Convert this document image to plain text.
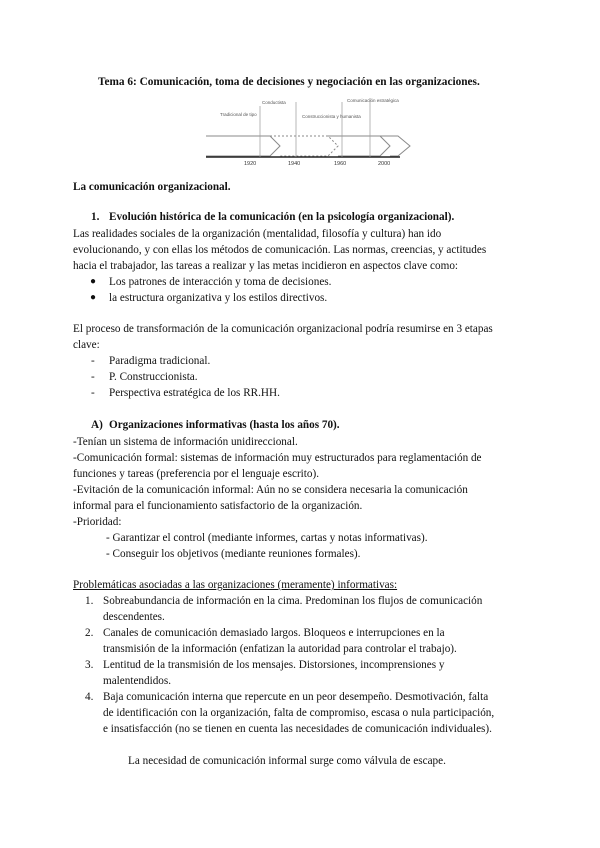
Tema 6: Comunicación, toma de decisiones y negociación en las organizaciones.
Tradicional de tipo
Conductista
Construccionista y humanista
Comunicación estratégica
1920	1940	1960	2000
La comunicación organizacional.
1. Evolución histórica de la comunicación (en la psicología organizacional).
Las realidades sociales de la organización (mentalidad, filosofía y cultura) han ido
evolucionando, y con ellas los métodos de comunicación. Las normas, creencias, y actitudes
hacia el trabajador, las tareas a realizar y las metas incidieron en aspectos clave como:
● Los patrones de interacción y toma de decisiones.
● la estructura organizativa y los estilos directivos.
El proceso de transformación de la comunicación organizacional podría resumirse en 3 etapas
clave:
- Paradigma tradicional.
- P. Construccionista.
- Perspectiva estratégica de los RR.HH.
A) Organizaciones informativas (hasta los años 70).
-Tenían un sistema de información unidireccional.
-Comunicación formal: sistemas de información muy estructurados para reglamentación de
funciones y tareas (preferencia por el lenguaje escrito).
-Evitación de la comunicación informal: Aún no se considera necesaria la comunicación
informal para el funcionamiento satisfactorio de la organización.
-Prioridad:
- Garantizar el control (mediante informes, cartas y notas informativas).
- Conseguir los objetivos (mediante reuniones formales).
Problemáticas asociadas a las organizaciones (meramente) informativas:
1. Sobreabundancia de información en la cima. Predominan los flujos de comunicación
descendentes.
2. Canales de comunicación demasiado largos. Bloqueos e interrupciones en la
transmisión de la información (enfatizan la autoridad para controlar el trabajo).
3. Lentitud de la transmisión de los mensajes. Distorsiones, incomprensiones y
malentendidos.
4. Baja comunicación interna que repercute en un peor desempeño. Desmotivación, falta
de identificación con la organización, falta de compromiso, escasa o nula participación,
e insatisfacción (no se tienen en cuenta las necesidades de comunicación individuales).
La necesidad de comunicación informal surge como válvula de escape.
